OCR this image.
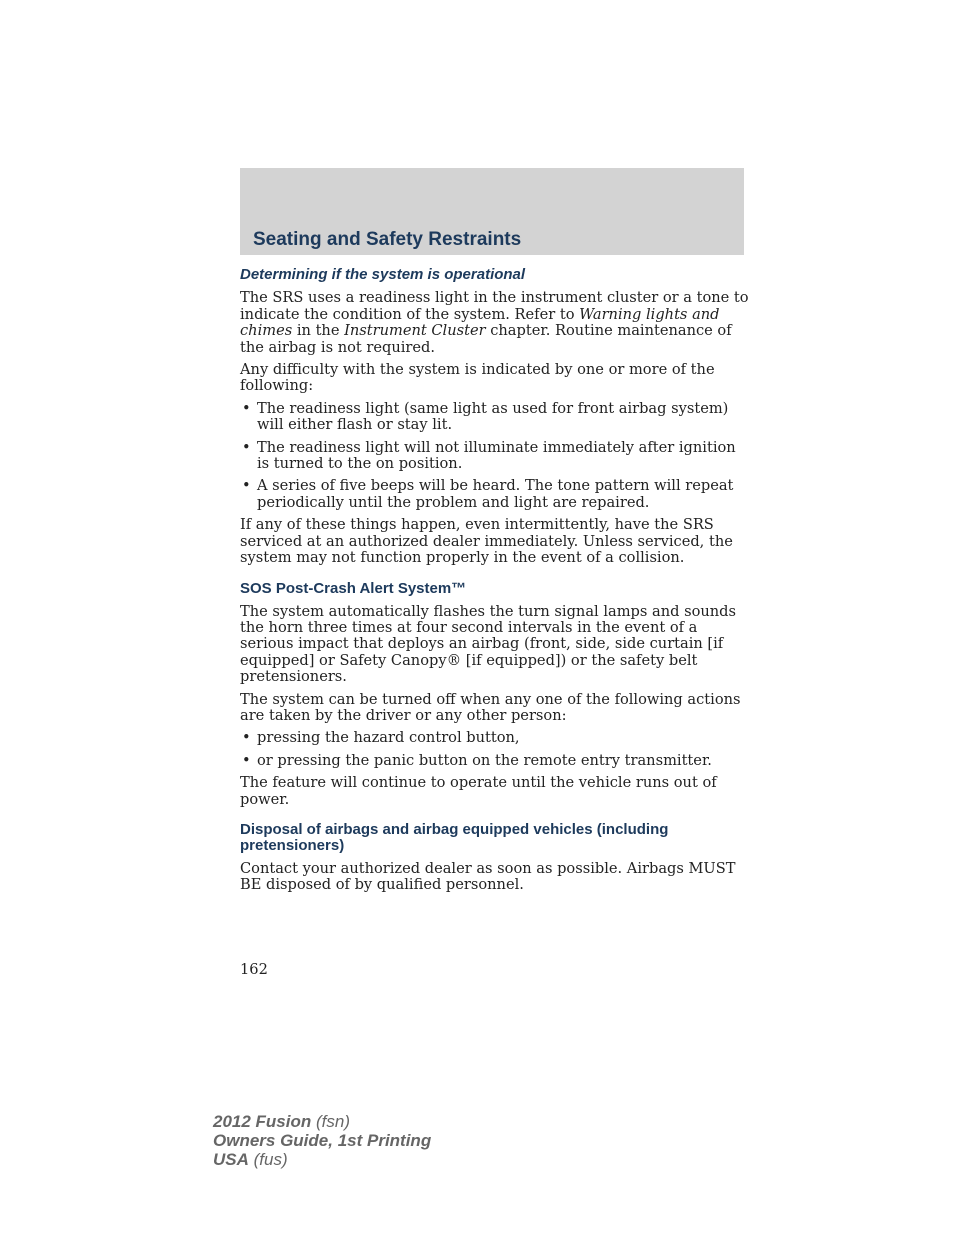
Seating and Safety Restraints
Determining if the system is operational

The SRS uses a readiness light in the instrument cluster or a tone to indicate the condition of the system. Refer to Warning lights and chimes in the Instrument Cluster chapter. Routine maintenance of the airbag is not required.

Any difficulty with the system is indicated by one or more of the following:

• The readiness light (same light as used for front airbag system) will either flash or stay lit.
• The readiness light will not illuminate immediately after ignition is turned to the on position.
• A series of five beeps will be heard. The tone pattern will repeat periodically until the problem and light are repaired.

If any of these things happen, even intermittently, have the SRS serviced at an authorized dealer immediately. Unless serviced, the system may not function properly in the event of a collision.

SOS Post-Crash Alert System™

The system automatically flashes the turn signal lamps and sounds the horn three times at four second intervals in the event of a serious impact that deploys an airbag (front, side, side curtain [if equipped] or Safety Canopy® [if equipped]) or the safety belt pretensioners.

The system can be turned off when any one of the following actions are taken by the driver or any other person:

• pressing the hazard control button,
• or pressing the panic button on the remote entry transmitter.

The feature will continue to operate until the vehicle runs out of power.

Disposal of airbags and airbag equipped vehicles (including pretensioners)

Contact your authorized dealer as soon as possible. Airbags MUST BE disposed of by qualified personnel.

162
2012 Fusion (fsn)
Owners Guide, 1st Printing
USA (fus)
